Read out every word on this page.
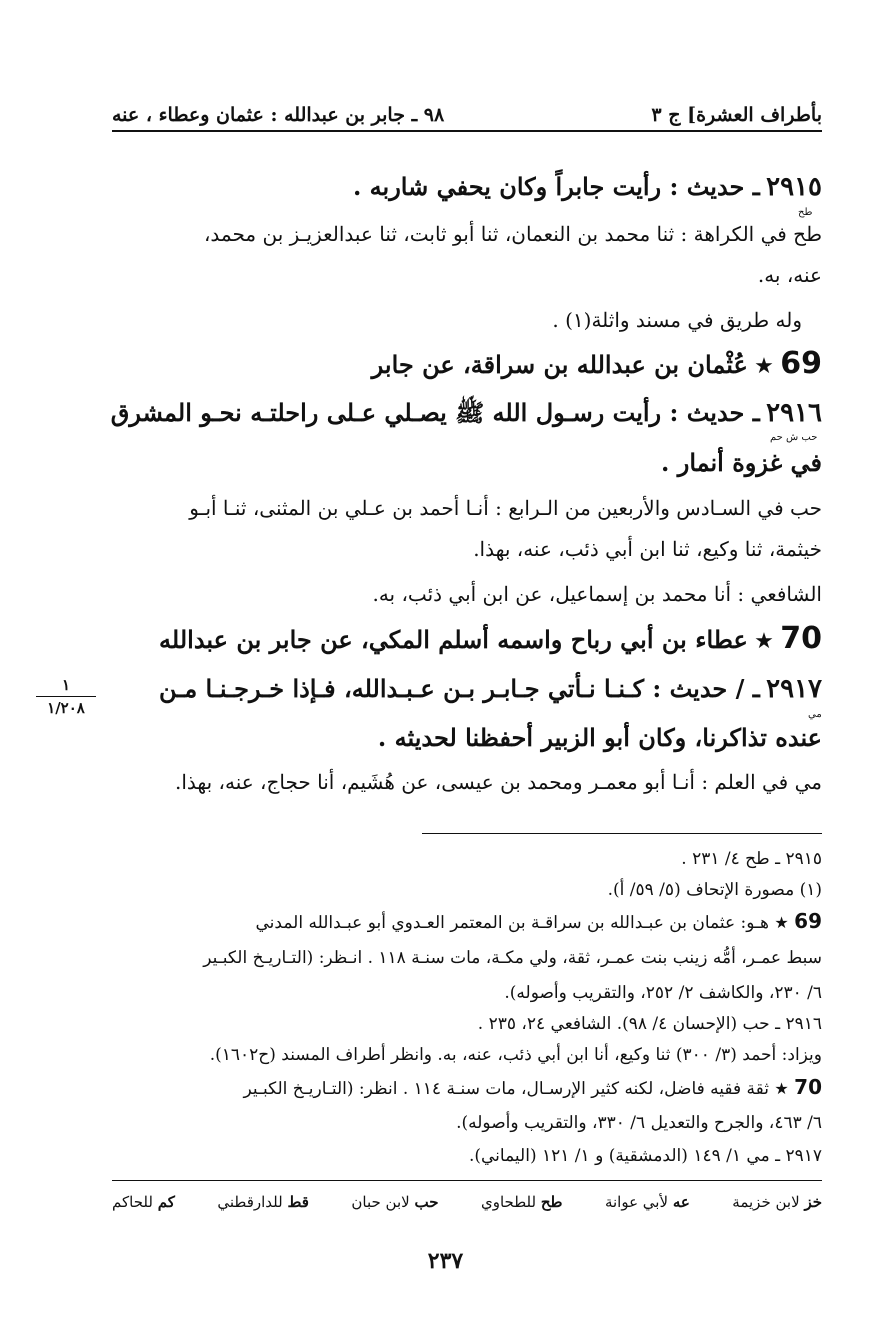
بأطراف العشرة] ج ٣
٩٨ ـ جابر بن عبدالله : عثمان وعطاء ، عنه
٢٩١٥ ـ حديث : رأيت جابراً وكان يحفي شاربه .
طح
طح في الكراهة : ثنا محمد بن النعمان، ثنا أبو ثابت، ثنا عبدالعزيـز بن محمد،
عنه، به.
وله طريق في مسند واثلة(١) .
69 ★ عُثْمان بن عبدالله بن سراقة، عن جابر
٢٩١٦ ـ حديث : رأيت رسـول الله ﷺ يصـلي عـلى راحلتـه نحـو المشرق
حب ش حم
في غزوة أنمار .
حب في السـادس والأربعين من الـرابع : أنـا أحمد بن عـلي بن المثنى، ثنـا أبـو
خيثمة، ثنا وكيع، ثنا ابن أبي ذئب، عنه، بهذا.
الشافعي : أنا محمد بن إسماعيل، عن ابن أبي ذئب، به.
70 ★ عطاء بن أبي رباح واسمه أسلم المكي، عن جابر بن عبدالله
٢٩١٧ ـ / حديث : كـنـا نـأتي جـابـر بـن عـبـدالله، فـإذا خـرجـنـا مـن
مي
عنده تذاكرنا، وكان أبو الزبير أحفظنا لحديثه .
مي في العلم : أنـا أبو معمـر ومحمد بن عيسى، عن هُشَيم، أنا حجاج، عنه، بهذا.
١
١/٢٠٨
٢٩١٥ ـ طح ٤/ ٢٣١ .
(١) مصورة الإتحاف (٥/ ٥٩/ أ).
69 ★ هـو: عثمان بن عبـدالله بن سراقـة بن المعتمر العـدوي أبو عبـدالله المدني
سبط عمـر، أمُّه زينب بنت عمـر، ثقة، ولي مكـة، مات سنـة ١١٨ . انـظر: (التـاريـخ الكبـير
٦/ ٢٣٠، والكاشف ٢/ ٢٥٢، والتقريب وأصوله).
٢٩١٦ ـ حب (الإحسان ٤/ ٩٨). الشافعي ٢٤، ٢٣٥ .
ويزاد: أحمد (٣/ ٣٠٠) ثنا وكيع، أنا ابن أبي ذئب، عنه، به. وانظر أطراف المسند (ح١٦٠٢).
70 ★ ثقة فقيه فاضل، لكنه كثير الإرسـال، مات سنـة ١١٤ . انظر: (التـاريـخ الكبـير
٦/ ٤٦٣، والجرح والتعديل ٦/ ٣٣٠، والتقريب وأصوله).
٢٩١٧ ـ مي ١/ ١٤٩ (الدمشقية) و ١/ ١٢١ (اليماني).
خز لابن خزيمة
عه لأبي عوانة
طح للطحاوي
حب لابن حبان
قط للدارقطني
كم للحاكم
٢٣٧
